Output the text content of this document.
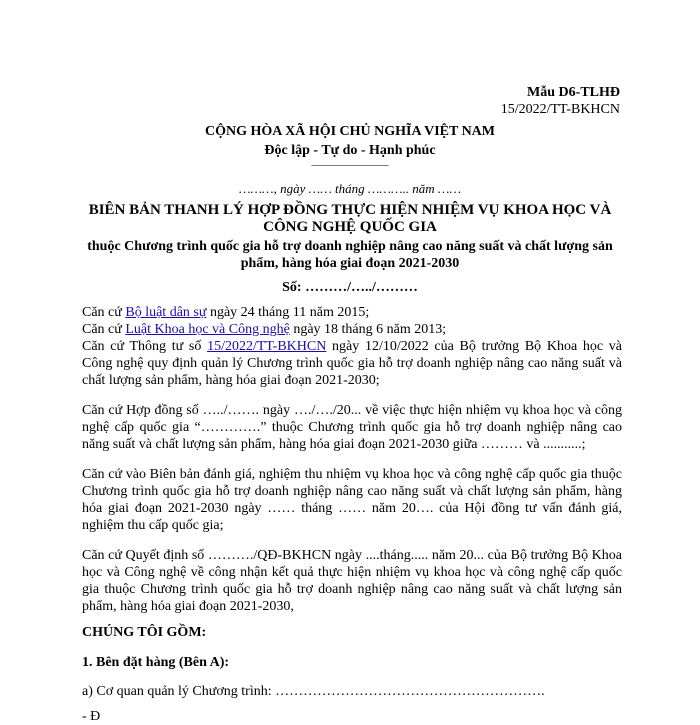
Mẫu D6-TLHĐ
15/2022/TT-BKHCN
CỘNG HÒA XÃ HỘI CHỦ NGHĨA VIỆT NAM
Độc lập - Tự do - Hạnh phúc
———————
………, ngày …… tháng ……….. năm ……
BIÊN BẢN THANH LÝ HỢP ĐỒNG THỰC HIỆN NHIỆM VỤ KHOA HỌC VÀ CÔNG NGHỆ QUỐC GIA
thuộc Chương trình quốc gia hỗ trợ doanh nghiệp nâng cao năng suất và chất lượng sản phẩm, hàng hóa giai đoạn 2021-2030
Số: ………/…../………

Căn cứ Bộ luật dân sự ngày 24 tháng 11 năm 2015;

Căn cứ Luật Khoa học và Công nghệ ngày 18 tháng 6 năm 2013;

Căn cứ Thông tư số 15/2022/TT-BKHCN ngày 12/10/2022 của Bộ trưởng Bộ Khoa học và Công nghệ quy định quản lý Chương trình quốc gia hỗ trợ doanh nghiệp nâng cao năng suất và chất lượng sản phẩm, hàng hóa giai đoạn 2021-2030;

Căn cứ Hợp đồng số …../……. ngày …./…./20... về việc thực hiện nhiệm vụ khoa học và công nghệ cấp quốc gia “………….” thuộc Chương trình quốc gia hỗ trợ doanh nghiệp nâng cao năng suất và chất lượng sản phẩm, hàng hóa giai đoạn 2021-2030 giữa ……… và ...........;

Căn cứ vào Biên bản đánh giá, nghiệm thu nhiệm vụ khoa học và công nghệ cấp quốc gia thuộc Chương trình quốc gia hỗ trợ doanh nghiệp nâng cao năng suất và chất lượng sản phẩm, hàng hóa giai đoạn 2021-2030 ngày …… tháng …… năm 20…. của Hội đồng tư vấn đánh giá, nghiệm thu cấp quốc gia;

Căn cứ Quyết định số ………./QĐ-BKHCN ngày ....tháng..... năm 20... của Bộ trưởng Bộ Khoa học và Công nghệ về công nhận kết quả thực hiện nhiệm vụ khoa học và công nghệ cấp quốc gia thuộc Chương trình quốc gia hỗ trợ doanh nghiệp nâng cao năng suất và chất lượng sản phẩm, hàng hóa giai đoạn 2021-2030,

CHÚNG TÔI GỒM:

1. Bên đặt hàng (Bên A):

a) Cơ quan quản lý Chương trình: ………………………………………………….

- Đ
